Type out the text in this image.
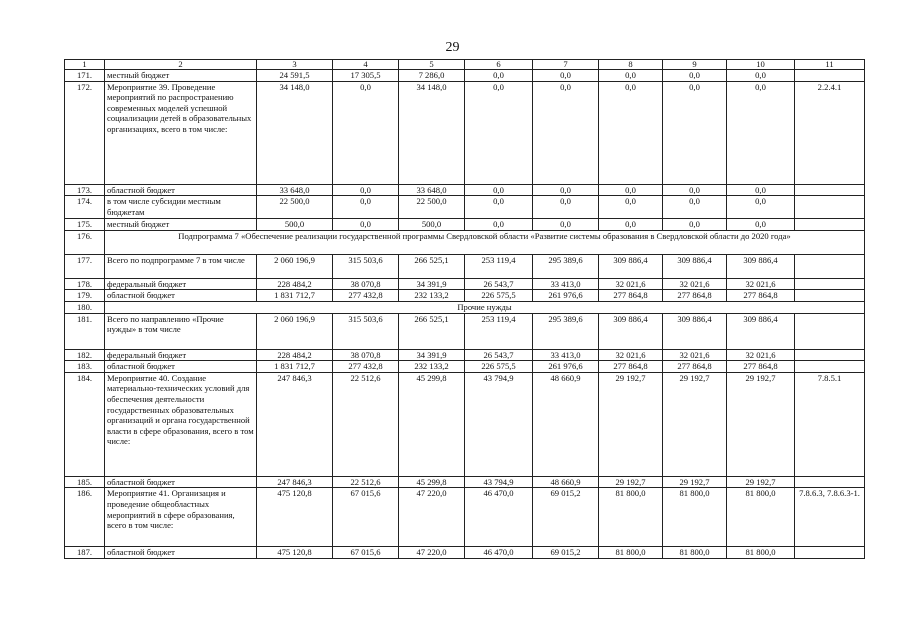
29
1	2	3	4	5	6	7	8	9	10	11
171.	местный бюджет	24 591,5	17 305,5	7 286,0	0,0	0,0	0,0	0,0	0,0	
172.	Мероприятие 39. Проведение мероприятий по распространению современных моделей успешной социализации детей в образовательных организациях, всего в том числе:	34 148,0	0,0	34 148,0	0,0	0,0	0,0	0,0	0,0	2.2.4.1
173.	областной бюджет	33 648,0	0,0	33 648,0	0,0	0,0	0,0	0,0	0,0	
174.	в том числе субсидии местным бюджетам	22 500,0	0,0	22 500,0	0,0	0,0	0,0	0,0	0,0	
175.	местный бюджет	500,0	0,0	500,0	0,0	0,0	0,0	0,0	0,0	
176.	Подпрограмма 7 «Обеспечение реализации государственной программы Свердловской области «Развитие системы образования в Свердловской области до 2020 года»									
177.	Всего по подпрограмме 7 в том числе	2 060 196,9	315 503,6	266 525,1	253 119,4	295 389,6	309 886,4	309 886,4	309 886,4	
178.	федеральный бюджет	228 484,2	38 070,8	34 391,9	26 543,7	33 413,0	32 021,6	32 021,6	32 021,6	
179.	областной бюджет	1 831 712,7	277 432,8	232 133,2	226 575,5	261 976,6	277 864,8	277 864,8	277 864,8	
180.	Прочие нужды									
181.	Всего по направлению «Прочие нужды» в том числе	2 060 196,9	315 503,6	266 525,1	253 119,4	295 389,6	309 886,4	309 886,4	309 886,4	
182.	федеральный бюджет	228 484,2	38 070,8	34 391,9	26 543,7	33 413,0	32 021,6	32 021,6	32 021,6	
183.	областной бюджет	1 831 712,7	277 432,8	232 133,2	226 575,5	261 976,6	277 864,8	277 864,8	277 864,8	
184.	Мероприятие 40. Создание материально-технических условий для обеспечения деятельности государственных образовательных организаций и органа государственной власти в сфере образования, всего в том числе:	247 846,3	22 512,6	45 299,8	43 794,9	48 660,9	29 192,7	29 192,7	29 192,7	7.8.5.1
185.	областной бюджет	247 846,3	22 512,6	45 299,8	43 794,9	48 660,9	29 192,7	29 192,7	29 192,7	
186.	Мероприятие 41. Организация и проведение общеобластных мероприятий в сфере образования, всего в том числе:	475 120,8	67 015,6	47 220,0	46 470,0	69 015,2	81 800,0	81 800,0	81 800,0	7.8.6.3, 7.8.6.3-1.
187.	областной бюджет	475 120,8	67 015,6	47 220,0	46 470,0	69 015,2	81 800,0	81 800,0	81 800,0	
